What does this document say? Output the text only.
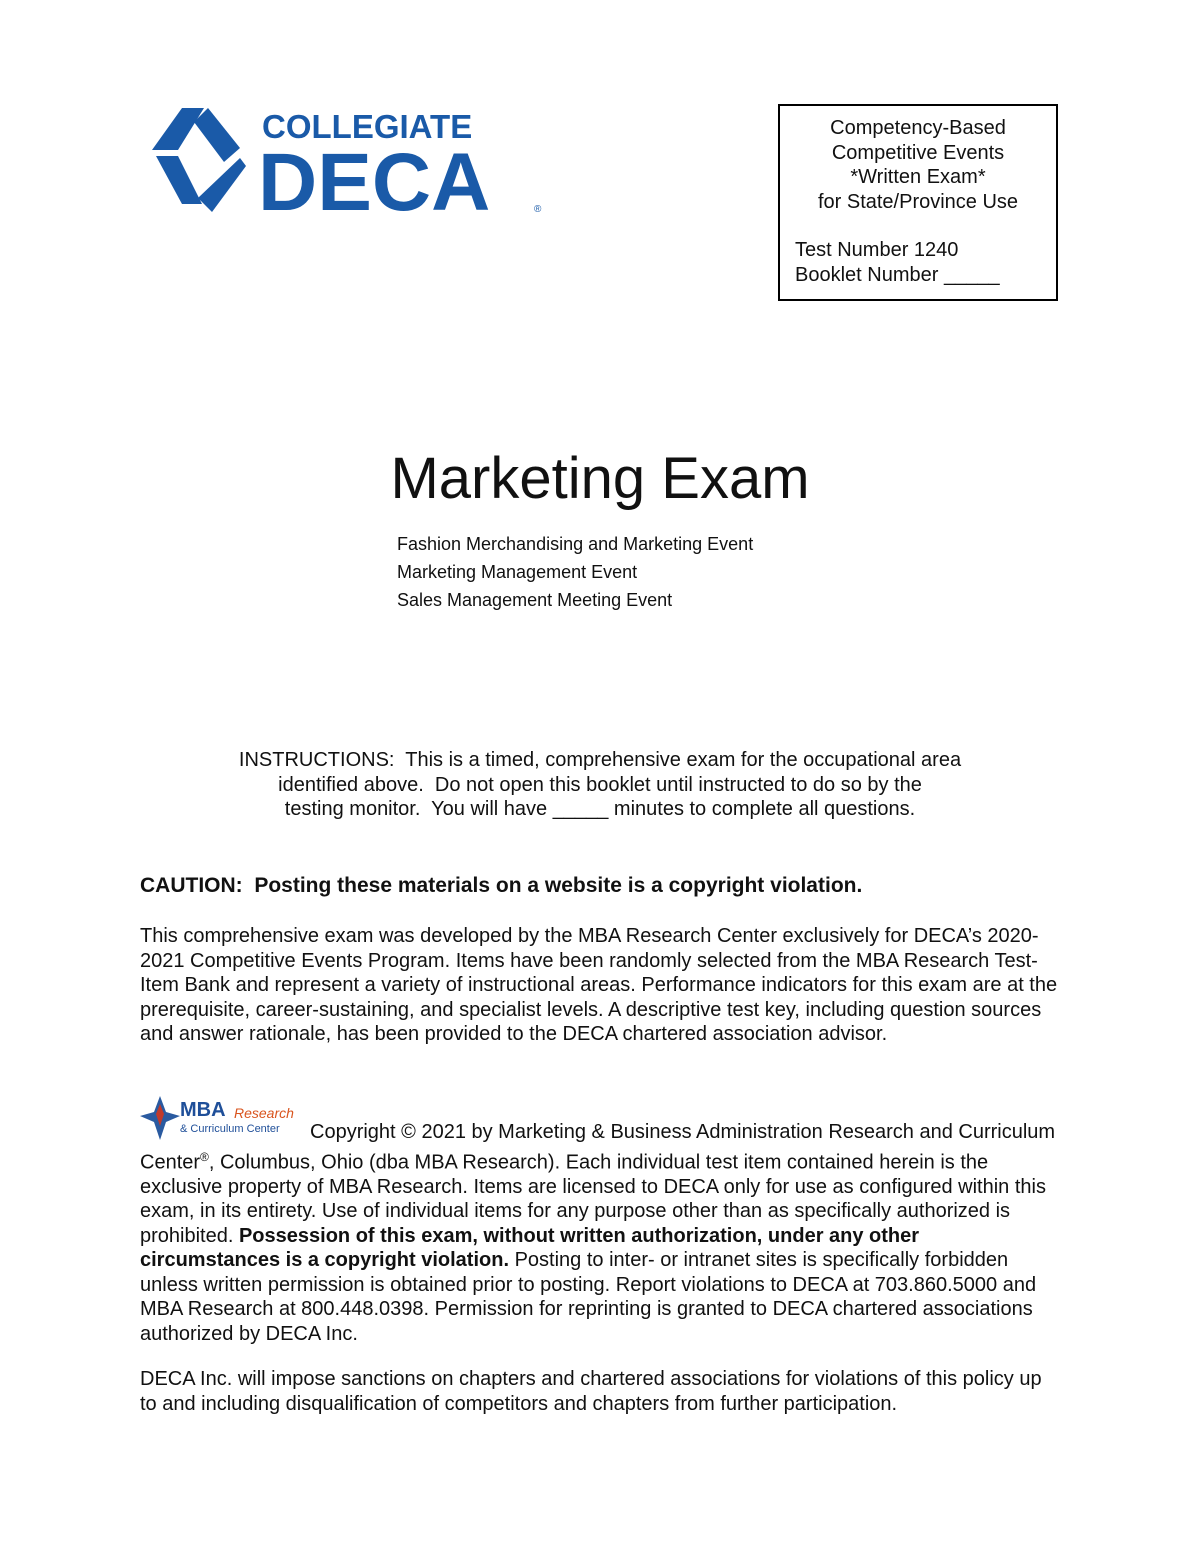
COLLEGIATE
DECA	®
Competency-Based
Competitive Events
*Written Exam*
for State/Province Use
Test Number 1240
Booklet Number _____
Marketing Exam
Fashion Merchandising and Marketing Event
Marketing Management Event
Sales Management Meeting Event
INSTRUCTIONS:  This is a timed, comprehensive exam for the occupational area
identified above.  Do not open this booklet until instructed to do so by the
testing monitor.  You will have _____ minutes to complete all questions.
CAUTION:  Posting these materials on a website is a copyright violation.
This comprehensive exam was developed by the MBA Research Center exclusively for DECA’s 2020-2021 Competitive Events Program. Items have been randomly selected from the MBA Research Test-Item Bank and represent a variety of instructional areas. Performance indicators for this exam are at the prerequisite, career-sustaining, and specialist levels. A descriptive test key, including question sources and answer rationale, has been provided to the DECA chartered association advisor.
MBA Research
& Curriculum Center	Copyright © 2021 by Marketing & Business Administration Research and Curriculum Center®, Columbus, Ohio (dba MBA Research). Each individual test item contained herein is the exclusive property of MBA Research. Items are licensed to DECA only for use as configured within this exam, in its entirety. Use of individual items for any purpose other than as specifically authorized is prohibited. Possession of this exam, without written authorization, under any other circumstances is a copyright violation. Posting to inter- or intranet sites is specifically forbidden unless written permission is obtained prior to posting. Report violations to DECA at 703.860.5000 and MBA Research at 800.448.0398. Permission for reprinting is granted to DECA chartered associations authorized by DECA Inc.
DECA Inc. will impose sanctions on chapters and chartered associations for violations of this policy up to and including disqualification of competitors and chapters from further participation.
